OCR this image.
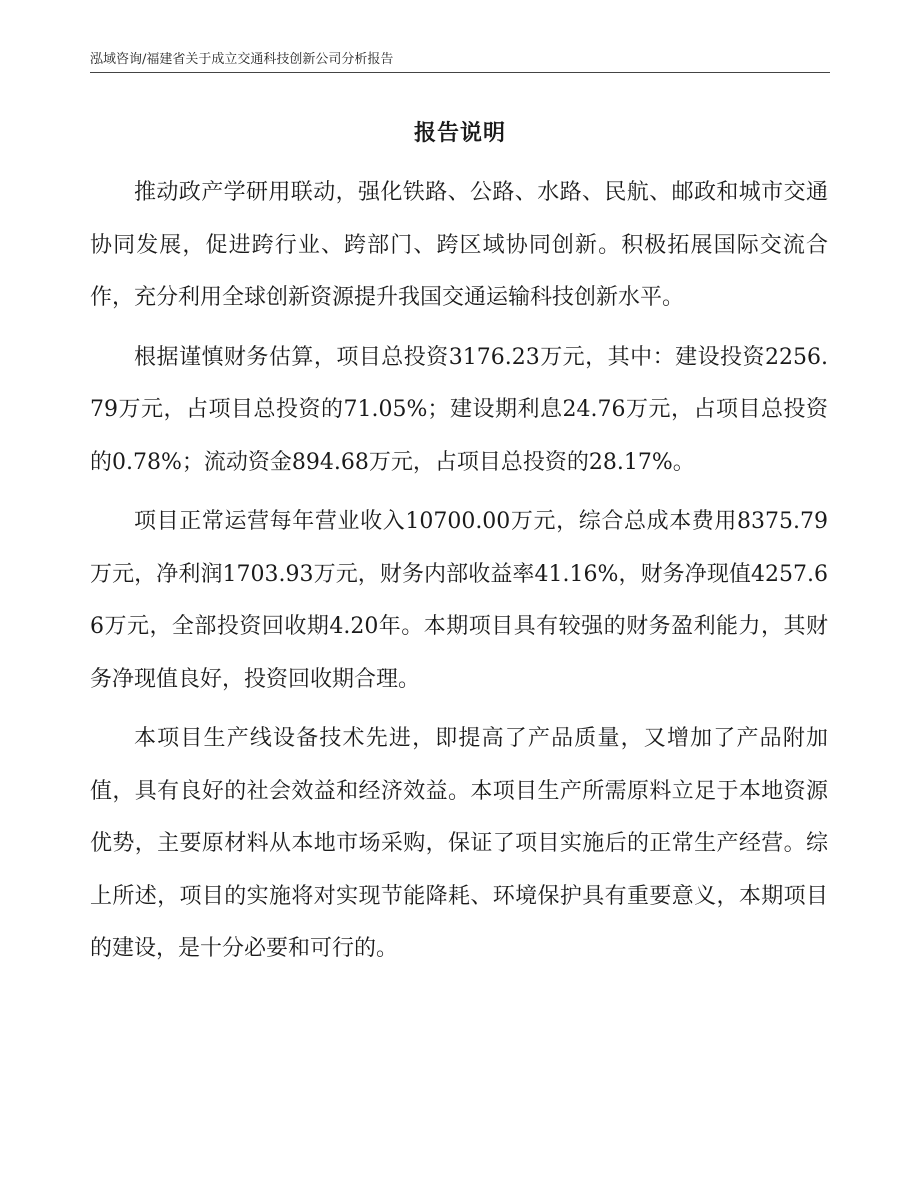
泓域咨询/福建省关于成立交通科技创新公司分析报告
报告说明

推动政产学研用联动，强化铁路、公路、水路、民航、邮政和城市交通协同发展，促进跨行业、跨部门、跨区域协同创新。积极拓展国际交流合作，充分利用全球创新资源提升我国交通运输科技创新水平。

根据谨慎财务估算，项目总投资3176.23万元，其中：建设投资2256.79万元，占项目总投资的71.05%；建设期利息24.76万元，占项目总投资的0.78%；流动资金894.68万元，占项目总投资的28.17%。

项目正常运营每年营业收入10700.00万元，综合总成本费用8375.79万元，净利润1703.93万元，财务内部收益率41.16%，财务净现值4257.66万元，全部投资回收期4.20年。本期项目具有较强的财务盈利能力，其财务净现值良好，投资回收期合理。

本项目生产线设备技术先进，即提高了产品质量，又增加了产品附加值，具有良好的社会效益和经济效益。本项目生产所需原料立足于本地资源优势，主要原材料从本地市场采购，保证了项目实施后的正常生产经营。综上所述，项目的实施将对实现节能降耗、环境保护具有重要意义，本期项目的建设，是十分必要和可行的。
